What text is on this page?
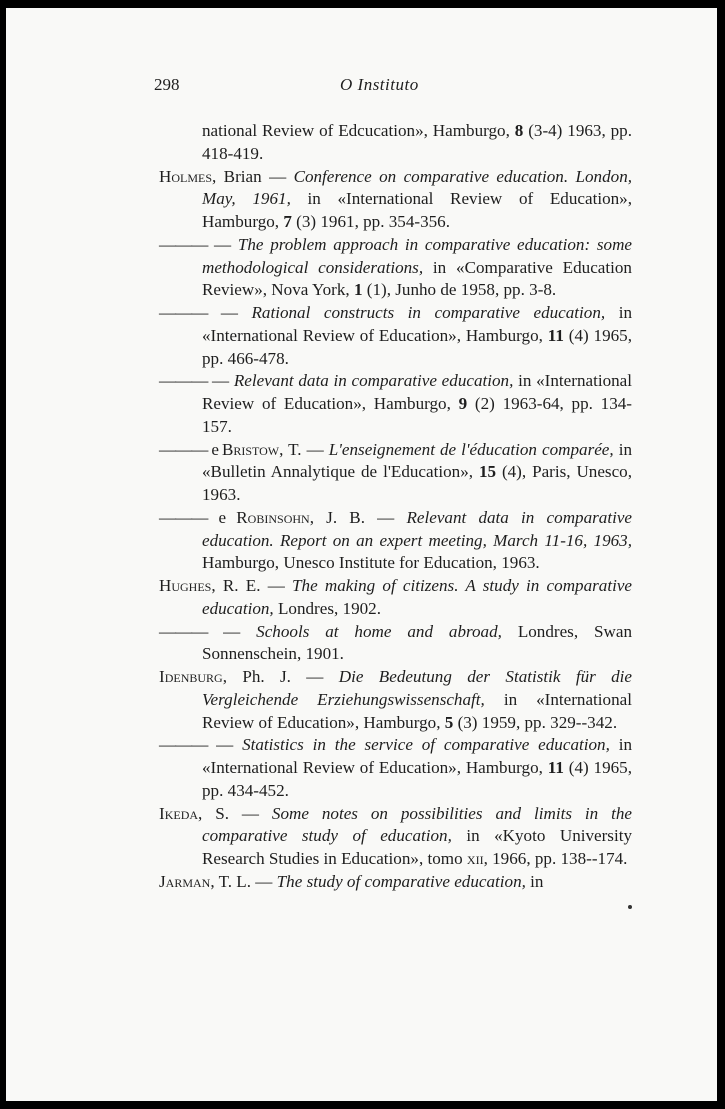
298	O Instituto

national Review of Edcucation», Hamburgo, 8 (3-4) 1963, pp. 418-419.

Holmes, Brian — Conference on comparative education. London, May, 1961, in «International Review of Education», Hamburgo, 7 (3) 1961, pp. 354-356.

——— — The problem approach in comparative education: some methodological considerations, in «Comparative Education Review», Nova York, 1 (1), Junho de 1958, pp. 3-8.

——— — Rational constructs in comparative education, in «International Review of Education», Hamburgo, 11 (4) 1965, pp. 466-478.

——— — Relevant data in comparative education, in «International Review of Education», Hamburgo, 9 (2) 1963-64, pp. 134-157.

——— e Bristow, T. — L'enseignement de l'éducation comparée, in «Bulletin Annalytique de l'Education», 15 (4), Paris, Unesco, 1963.

——— e Robinsohn, J. B. — Relevant data in comparative education. Report on an expert meeting, March 11-16, 1963, Hamburgo, Unesco Institute for Education, 1963.

Hughes, R. E. — The making of citizens. A study in comparative education, Londres, 1902.

——— — Schools at home and abroad, Londres, Swan Sonnenschein, 1901.

Idenburg, Ph. J. — Die Bedeutung der Statistik für die Vergleichende Erziehungswissenschaft, in «International Review of Education», Hamburgo, 5 (3) 1959, pp. 329--342.

——— — Statistics in the service of comparative education, in «International Review of Education», Hamburgo, 11 (4) 1965, pp. 434-452.

Ikeda, S. — Some notes on possibilities and limits in the comparative study of education, in «Kyoto University Research Studies in Education», tomo xii, 1966, pp. 138--174.

Jarman, T. L. — The study of comparative education, in
